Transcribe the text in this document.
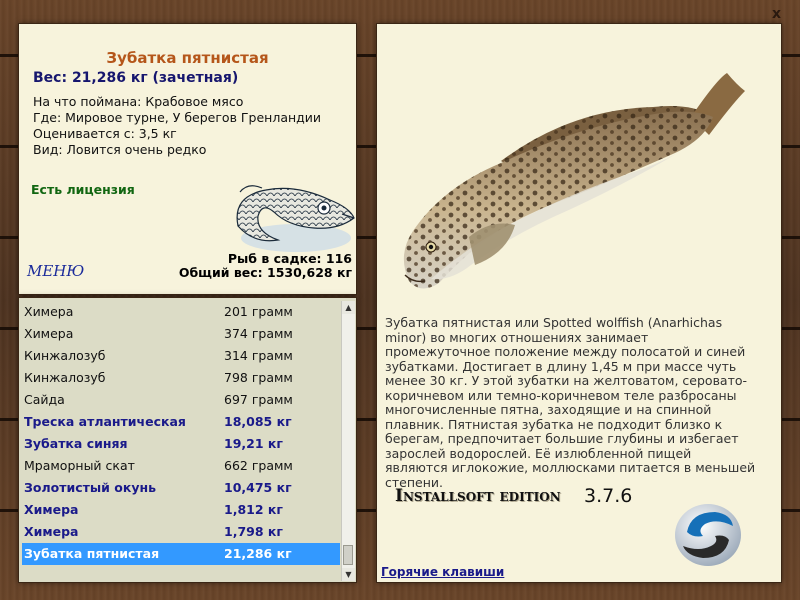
x
Зубатка пятнистая
Вес: 21,286 кг (зачетная)
На что поймана: Крабовое мясо
Где: Мировое турне, У берегов Гренландии
Оценивается с: 3,5 кг
Вид: Ловится очень редко
Есть лицензия
МЕНЮ
Рыб в садке: 116
Общий вес: 1530,628 кг
Химера	201 грамм
Химера	374 грамм
Кинжалозуб	314 грамм
Кинжалозуб	798 грамм
Сайда	697 грамм
Треска атлантическая	18,085 кг
Зубатка синяя	19,21 кг
Мраморный скат	662 грамм
Золотистый окунь	10,475 кг
Химера	1,812 кг
Химера	1,798 кг
Зубатка пятнистая	21,286 кг
▲
▼
Зубатка пятнистая или Spotted wolffish (Anarhichas minor) во многих отношениях занимает промежуточное положение между полосатой и синей зубатками. Достигает в длину 1,45 м при массе чуть менее 30 кг. У этой зубатки на желтоватом, серовато-коричневом или темно-коричневом теле разбросаны многочисленные пятна, заходящие и на спинной плавник. Пятнистая зубатка не подходит близко к берегам, предпочитает большие глубины и избегает зарослей водорослей. Её излюбленной пищей являются иглокожие, моллюсками питается в меньшей степени.
Installsoft edition 3.7.6
Горячие клавиши
